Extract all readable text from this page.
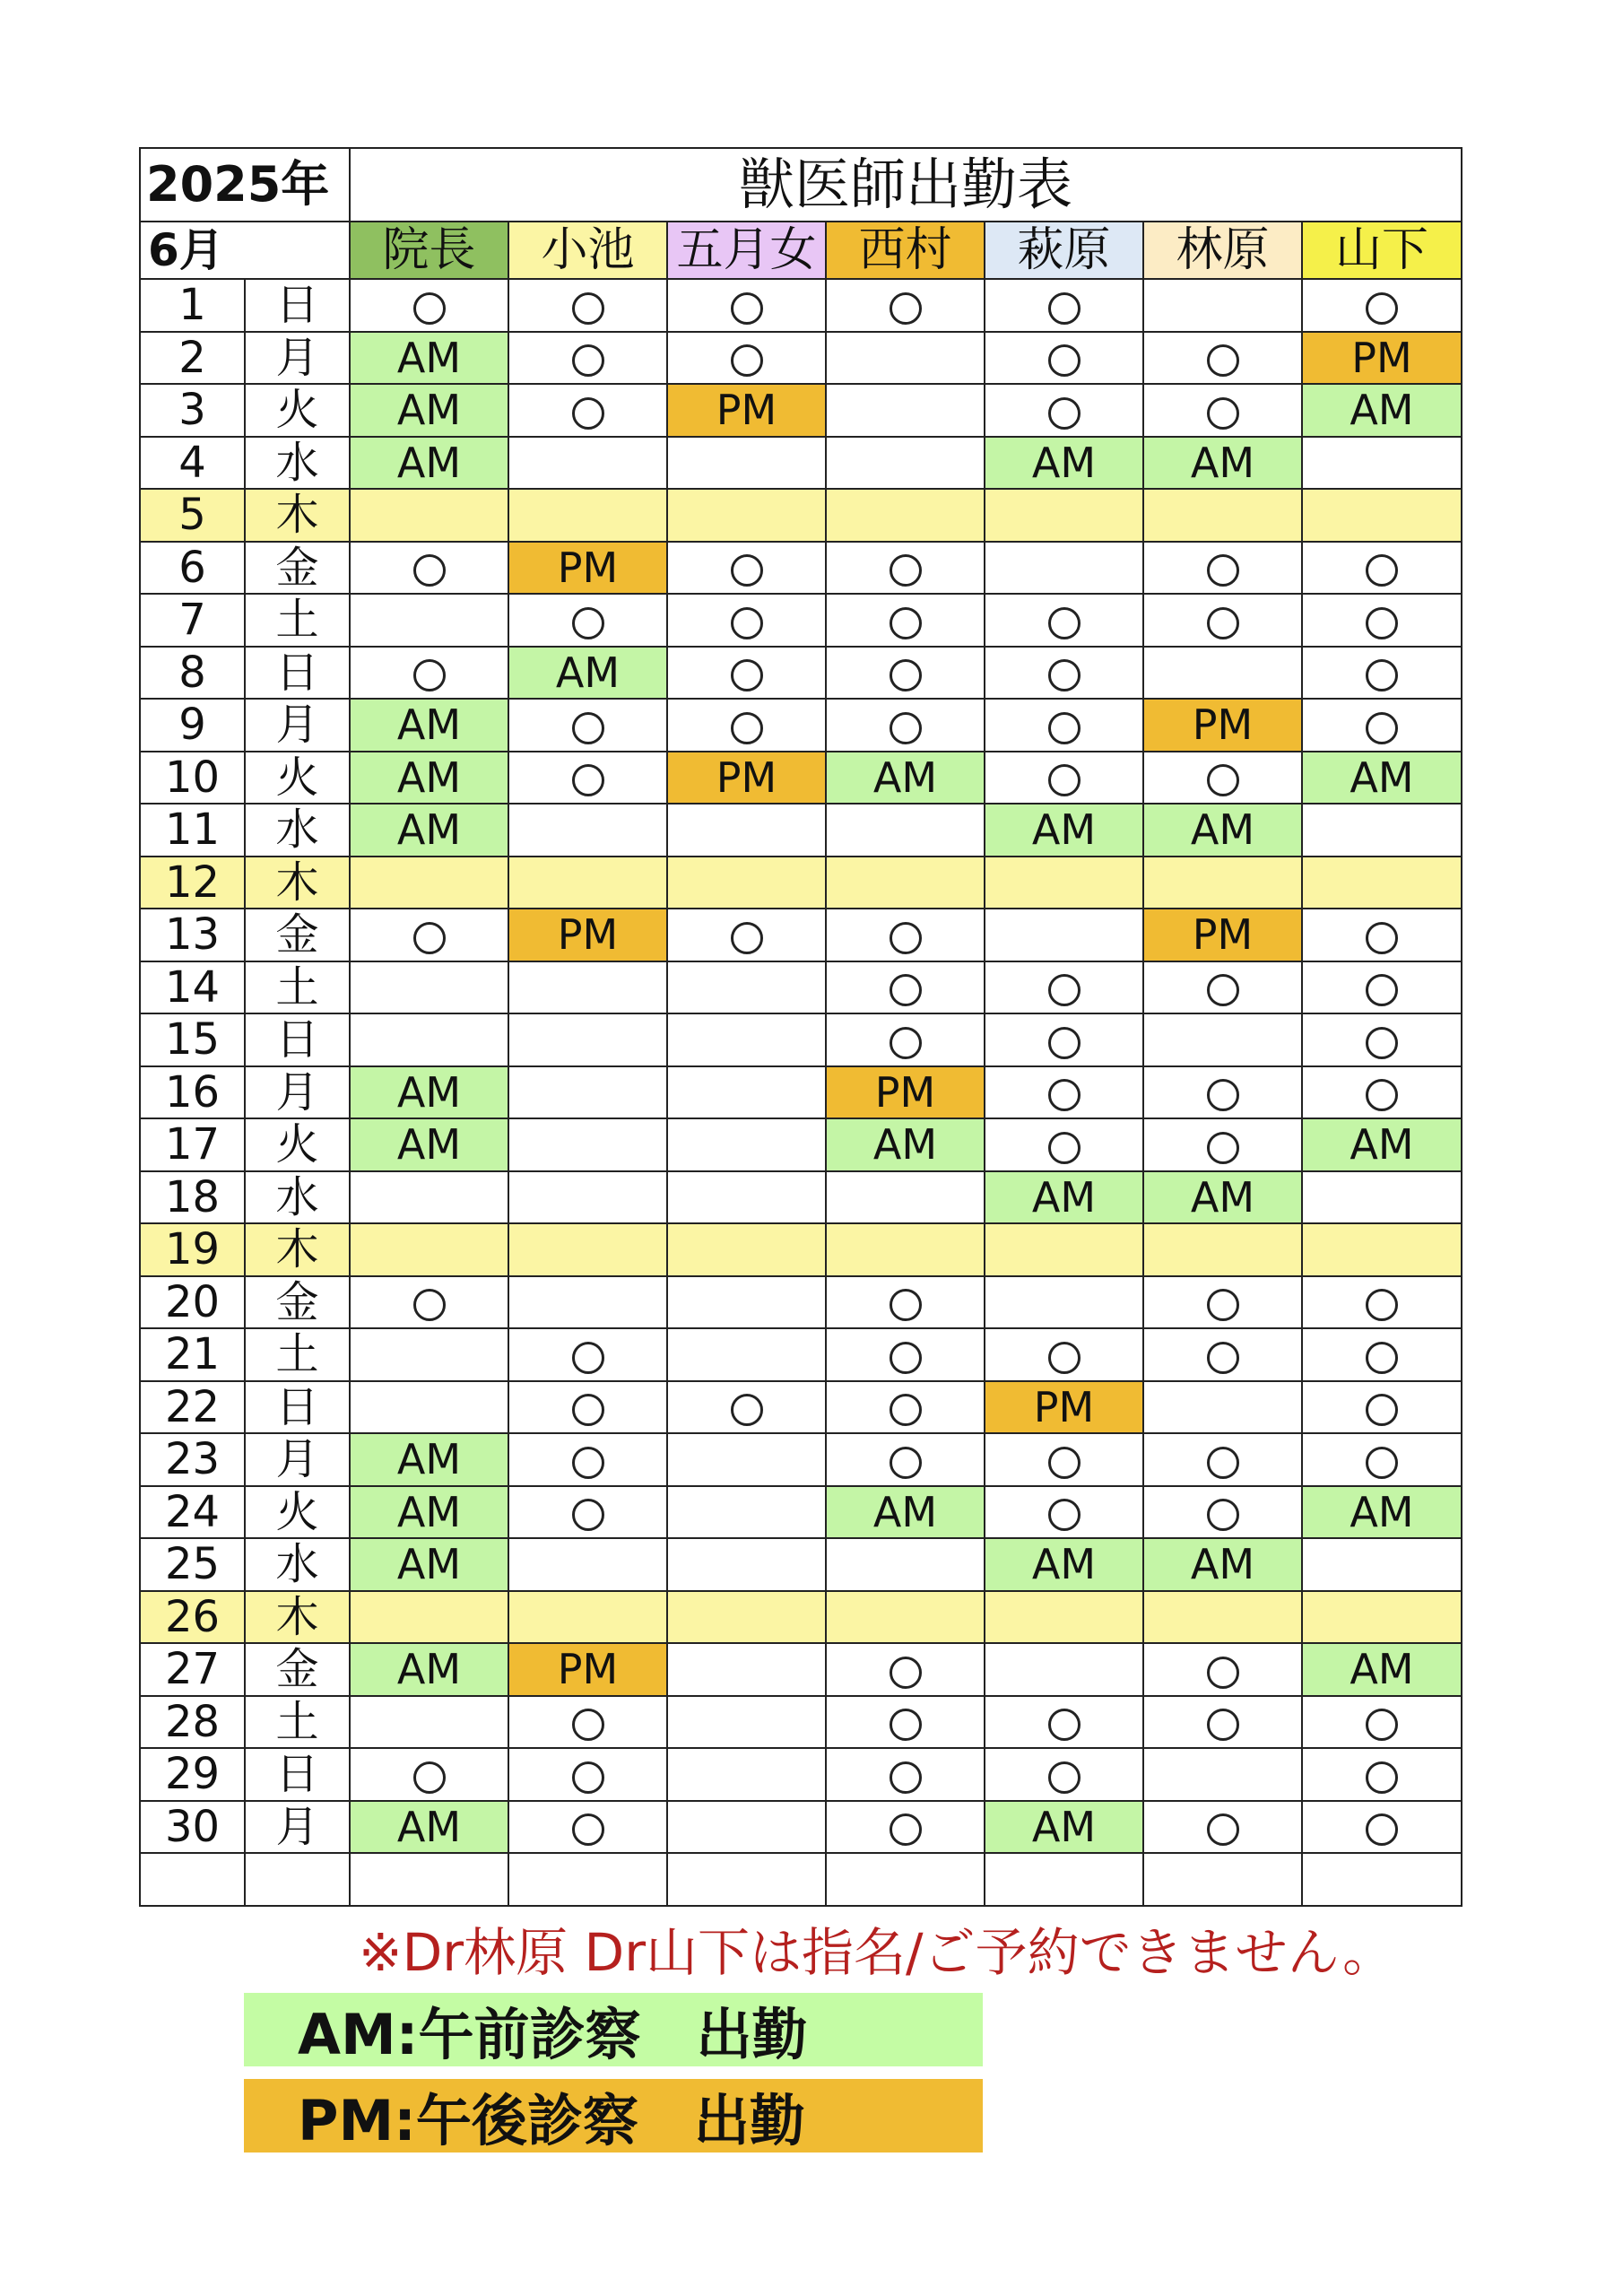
2025年		獣医師出勤表						
6月		院長	小池	五月女	西村	萩原	林原	山下
1	日							
2	月	AM						PM
3	火	AM		PM				AM
4	水	AM				AM	AM	
5	木							
6	金		PM					
7	土							
8	日		AM					
9	月	AM					PM	
10	火	AM		PM	AM			AM
11	水	AM				AM	AM	
12	木							
13	金		PM				PM	
14	土							
15	日							
16	月	AM			PM			
17	火	AM			AM			AM
18	水					AM	AM	
19	木							
20	金							
21	土							
22	日					PM		
23	月	AM						
24	火	AM			AM			AM
25	水	AM				AM	AM	
26	木							
27	金	AM	PM					AM
28	土							
29	日							
30	月	AM				AM		

※Dr林原 Dr山下は指名/ご予約できません。
AM:午前診察　出勤
PM:午後診察　出勤
